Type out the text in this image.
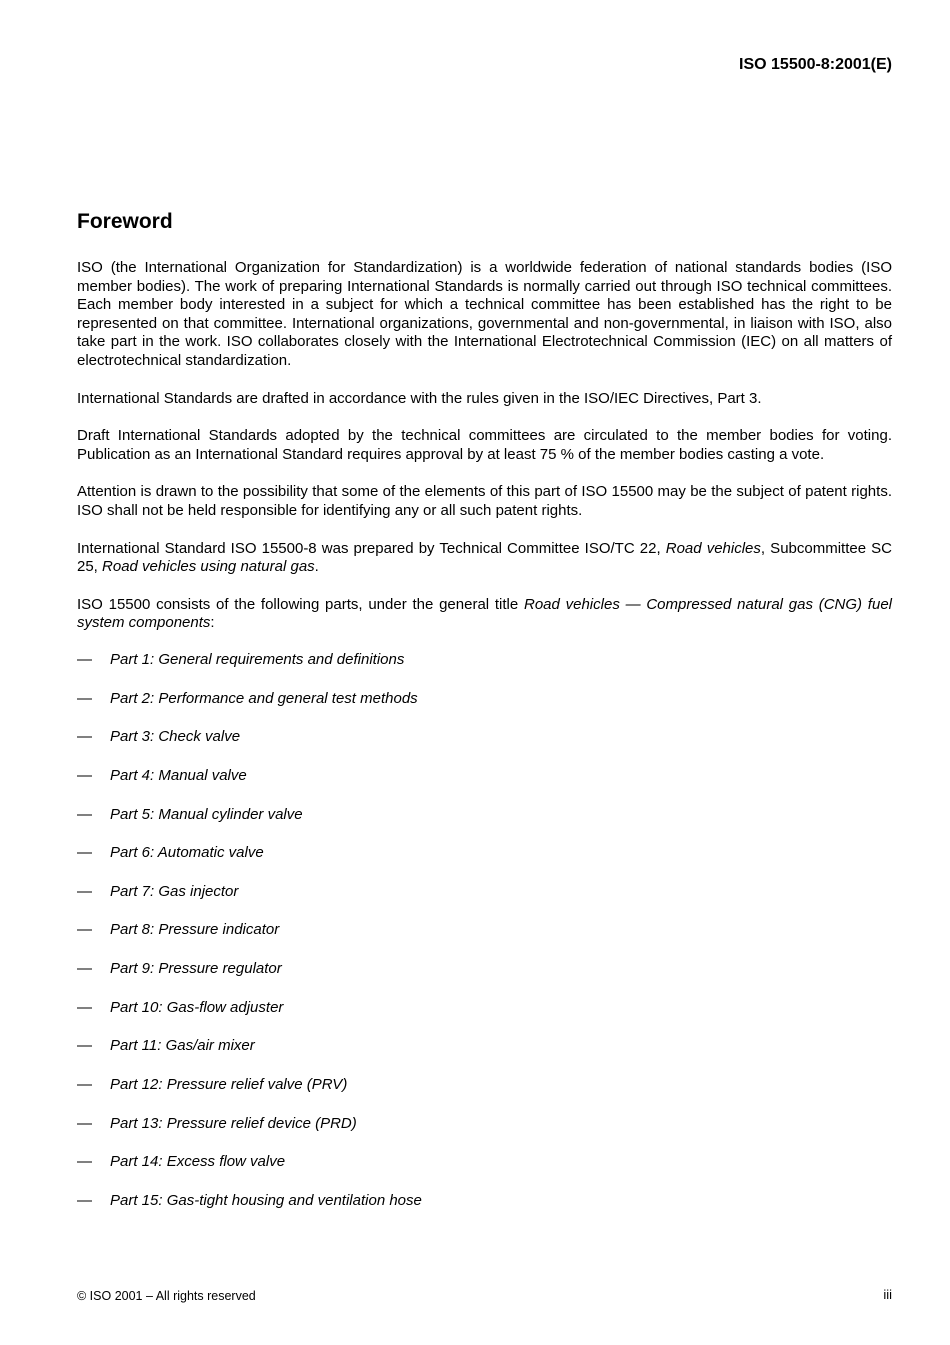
ISO 15500-8:2001(E)
Foreword

ISO (the International Organization for Standardization) is a worldwide federation of national standards bodies (ISO member bodies). The work of preparing International Standards is normally carried out through ISO technical committees. Each member body interested in a subject for which a technical committee has been established has the right to be represented on that committee. International organizations, governmental and non-governmental, in liaison with ISO, also take part in the work. ISO collaborates closely with the International Electrotechnical Commission (IEC) on all matters of electrotechnical standardization.

International Standards are drafted in accordance with the rules given in the ISO/IEC Directives, Part 3.

Draft International Standards adopted by the technical committees are circulated to the member bodies for voting. Publication as an International Standard requires approval by at least 75 % of the member bodies casting a vote.

Attention is drawn to the possibility that some of the elements of this part of ISO 15500 may be the subject of patent rights. ISO shall not be held responsible for identifying any or all such patent rights.

International Standard ISO 15500-8 was prepared by Technical Committee ISO/TC 22, Road vehicles, Subcommittee SC 25, Road vehicles using natural gas.

ISO 15500 consists of the following parts, under the general title Road vehicles — Compressed natural gas (CNG) fuel system components:

—	Part 1: General requirements and definitions
—	Part 2: Performance and general test methods
—	Part 3: Check valve
—	Part 4: Manual valve
—	Part 5: Manual cylinder valve
—	Part 6: Automatic valve
—	Part 7: Gas injector
—	Part 8: Pressure indicator
—	Part 9: Pressure regulator
—	Part 10: Gas-flow adjuster
—	Part 11: Gas/air mixer
—	Part 12: Pressure relief valve (PRV)
—	Part 13: Pressure relief device (PRD)
—	Part 14: Excess flow valve
—	Part 15: Gas-tight housing and ventilation hose
© ISO 2001 – All rights reserved	iii
